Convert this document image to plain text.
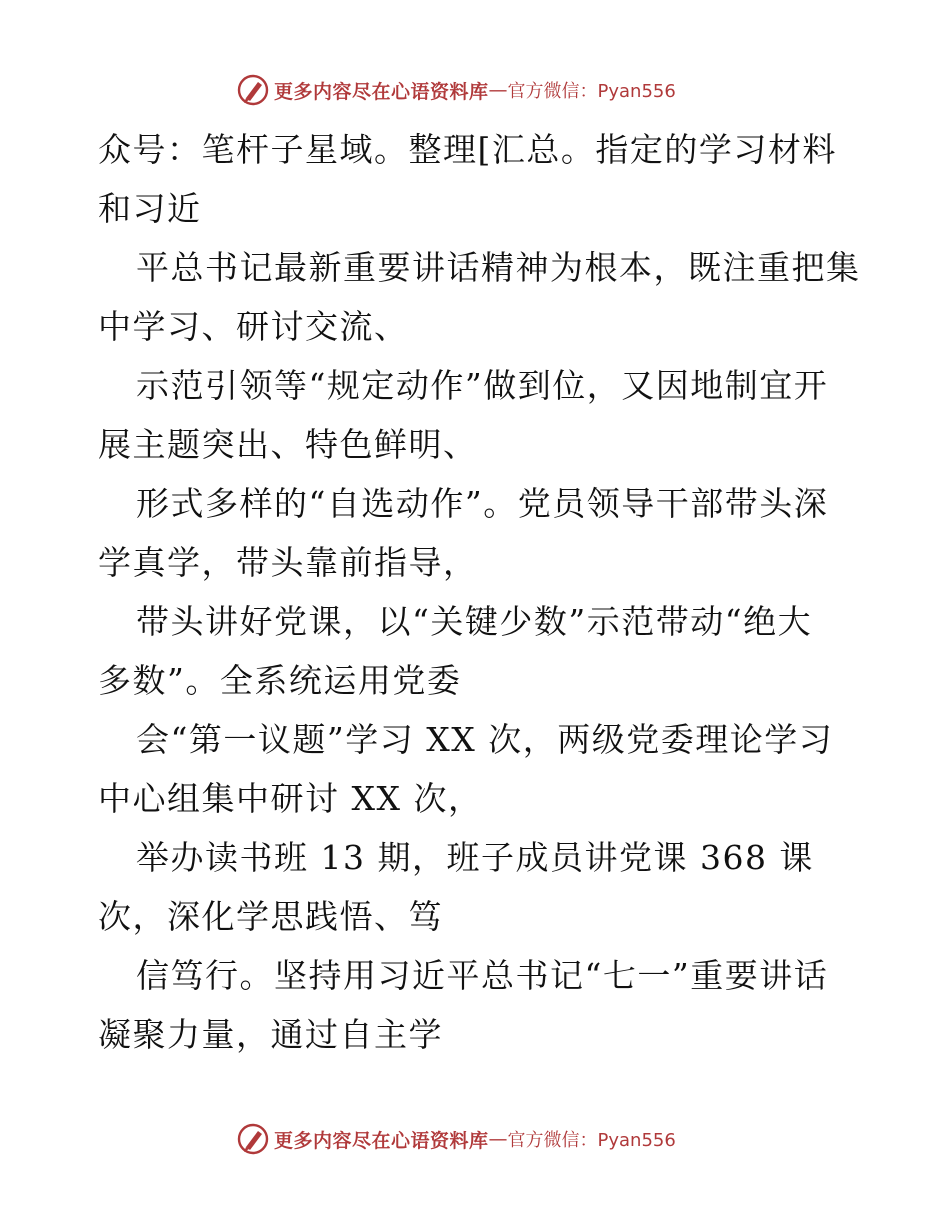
更多内容尽在心语资料库 — 官方微信：Pyan556
众号：笔杆子星域。整理[汇总。指定的学习材料
和习近
平总书记最新重要讲话精神为根本，既注重把集
中学习、研讨交流、
示范引领等“规定动作”做到位，又因地制宜开
展主题突出、特色鲜明、
形式多样的“自选动作”。党员领导干部带头深
学真学，带头靠前指导，
带头讲好党课，以“关键少数”示范带动“绝大
多数”。全系统运用党委
会“第一议题”学习 XX 次，两级党委理论学习
中心组集中研讨 XX 次，
举办读书班 13 期，班子成员讲党课 368 课
次，深化学思践悟、笃
信笃行。坚持用习近平总书记“七一”重要讲话
凝聚力量，通过自主学
更多内容尽在心语资料库 — 官方微信：Pyan556
